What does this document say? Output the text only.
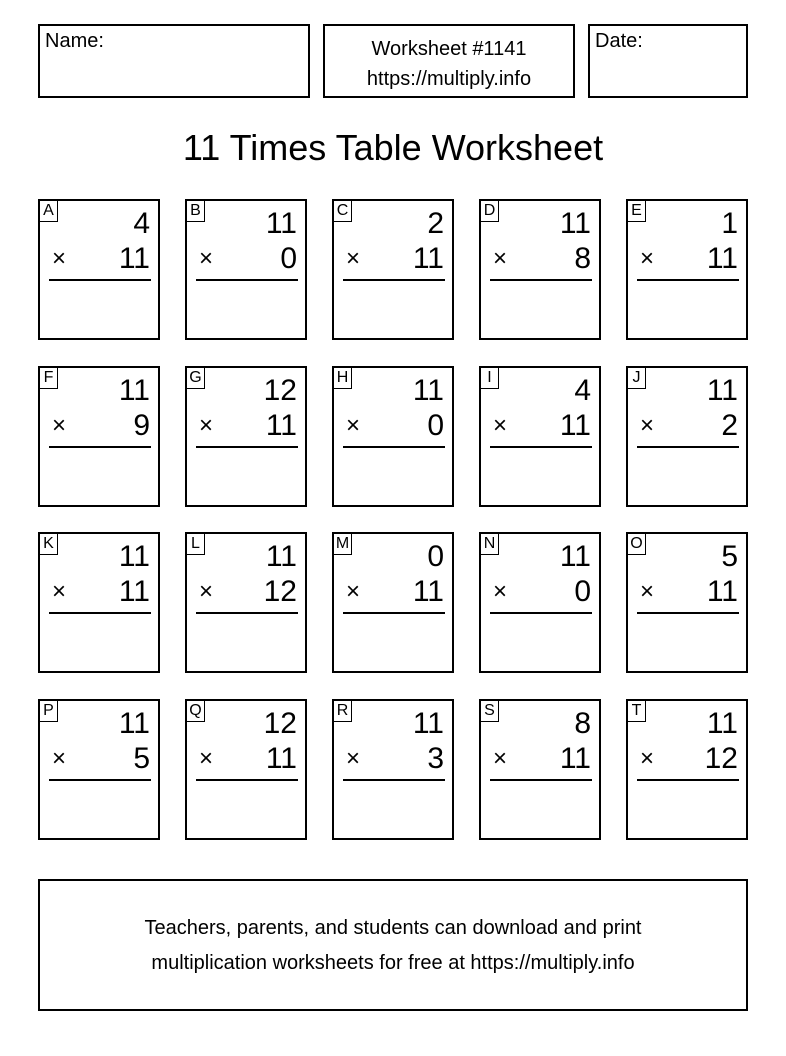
Name:	Worksheet #1141
https://multiply.info
Date:
11 Times Table Worksheet
A	4
× 11
B 11
× 0
C	2
× 11
D 11
× 8
E	1
× 11
F 11
× 9
G 12
× 11
H 11
× 0
I	4
× 11
J 11
× 2
K 11
× 11
L 11
× 12
M	0
× 11
N 11
× 0
O	5
× 11
P 11
× 5
Q 12
× 11
R 11
× 3
S	8
× 11
T 11
× 12
Teachers, parents, and students can download and print
multiplication worksheets for free at https://multiply.info
